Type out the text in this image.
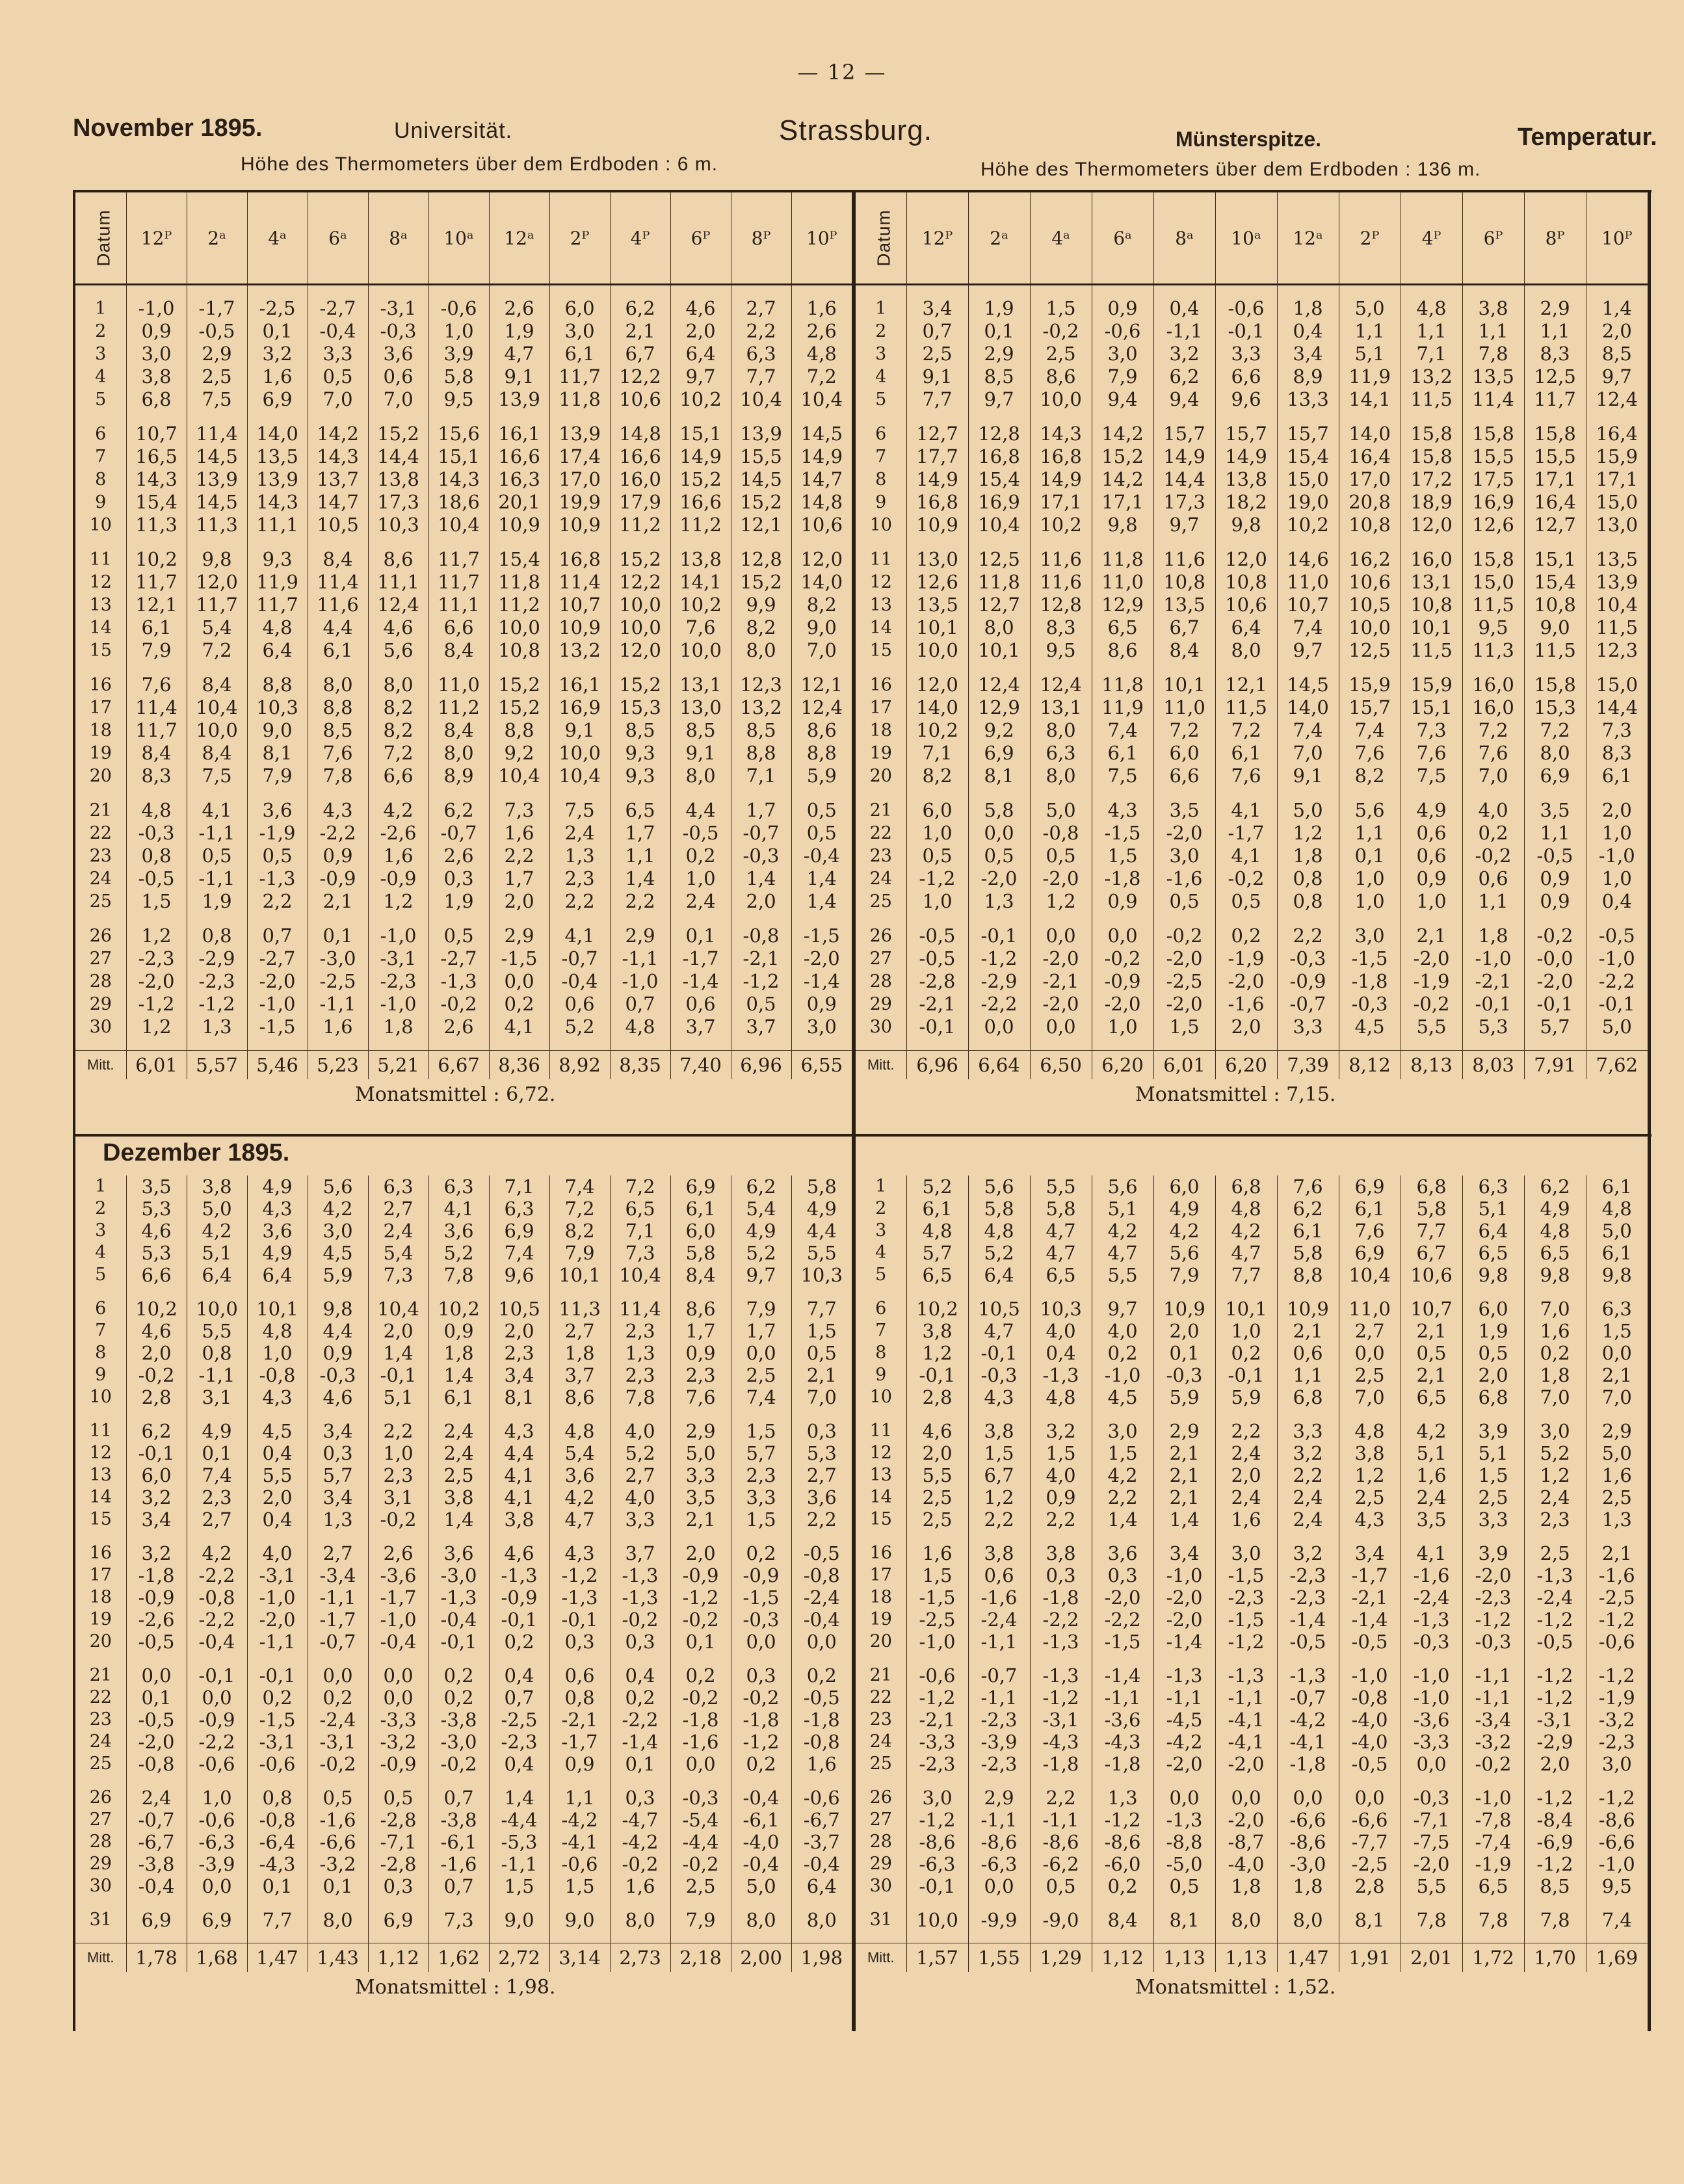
— 12 —
November 1895.	Universität.	Strassburg.	Münsterspitze.	Temperatur.
Höhe des Thermometers über dem Erdboden : 6 m.	Höhe des Thermometers über dem Erdboden : 136 m.
Dezember 1895.
Datum	12ᴾ	2ᵃ	4ᵃ	6ᵃ	8ᵃ	10ᵃ	12ᵃ	2ᴾ	4ᴾ	6ᴾ	8ᴾ	10ᴾ

1	-1,0	-1,7	-2,5	-2,7	-3,1	-0,6	2,6	6,0	6,2	4,6	2,7	1,6
2	0,9	-0,5	0,1	-0,4	-0,3	1,0	1,9	3,0	2,1	2,0	2,2	2,6
3	3,0	2,9	3,2	3,3	3,6	3,9	4,7	6,1	6,7	6,4	6,3	4,8
4	3,8	2,5	1,6	0,5	0,6	5,8	9,1	11,7	12,2	9,7	7,7	7,2
5	6,8	7,5	6,9	7,0	7,0	9,5	13,9	11,8	10,6	10,2	10,4	10,4

6	10,7	11,4	14,0	14,2	15,2	15,6	16,1	13,9	14,8	15,1	13,9	14,5
7	16,5	14,5	13,5	14,3	14,4	15,1	16,6	17,4	16,6	14,9	15,5	14,9
8	14,3	13,9	13,9	13,7	13,8	14,3	16,3	17,0	16,0	15,2	14,5	14,7
9	15,4	14,5	14,3	14,7	17,3	18,6	20,1	19,9	17,9	16,6	15,2	14,8
10	11,3	11,3	11,1	10,5	10,3	10,4	10,9	10,9	11,2	11,2	12,1	10,6

11	10,2	9,8	9,3	8,4	8,6	11,7	15,4	16,8	15,2	13,8	12,8	12,0
12	11,7	12,0	11,9	11,4	11,1	11,7	11,8	11,4	12,2	14,1	15,2	14,0
13	12,1	11,7	11,7	11,6	12,4	11,1	11,2	10,7	10,0	10,2	9,9	8,2
14	6,1	5,4	4,8	4,4	4,6	6,6	10,0	10,9	10,0	7,6	8,2	9,0
15	7,9	7,2	6,4	6,1	5,6	8,4	10,8	13,2	12,0	10,0	8,0	7,0

16	7,6	8,4	8,8	8,0	8,0	11,0	15,2	16,1	15,2	13,1	12,3	12,1
17	11,4	10,4	10,3	8,8	8,2	11,2	15,2	16,9	15,3	13,0	13,2	12,4
18	11,7	10,0	9,0	8,5	8,2	8,4	8,8	9,1	8,5	8,5	8,5	8,6
19	8,4	8,4	8,1	7,6	7,2	8,0	9,2	10,0	9,3	9,1	8,8	8,8
20	8,3	7,5	7,9	7,8	6,6	8,9	10,4	10,4	9,3	8,0	7,1	5,9

21	4,8	4,1	3,6	4,3	4,2	6,2	7,3	7,5	6,5	4,4	1,7	0,5
22	-0,3	-1,1	-1,9	-2,2	-2,6	-0,7	1,6	2,4	1,7	-0,5	-0,7	0,5
23	0,8	0,5	0,5	0,9	1,6	2,6	2,2	1,3	1,1	0,2	-0,3	-0,4
24	-0,5	-1,1	-1,3	-0,9	-0,9	0,3	1,7	2,3	1,4	1,0	1,4	1,4
25	1,5	1,9	2,2	2,1	1,2	1,9	2,0	2,2	2,2	2,4	2,0	1,4

26	1,2	0,8	0,7	0,1	-1,0	0,5	2,9	4,1	2,9	0,1	-0,8	-1,5
27	-2,3	-2,9	-2,7	-3,0	-3,1	-2,7	-1,5	-0,7	-1,1	-1,7	-2,1	-2,0
28	-2,0	-2,3	-2,0	-2,5	-2,3	-1,3	0,0	-0,4	-1,0	-1,4	-1,2	-1,4
29	-1,2	-1,2	-1,0	-1,1	-1,0	-0,2	0,2	0,6	0,7	0,6	0,5	0,9
30	1,2	1,3	-1,5	1,6	1,8	2,6	4,1	5,2	4,8	3,7	3,7	3,0

Mitt.	6,01	5,57	5,46	5,23	5,21	6,67	8,36	8,92	8,35	7,40	6,96	6,55
Monatsmittel : 6,72.												
Datum	12ᴾ	2ᵃ	4ᵃ	6ᵃ	8ᵃ	10ᵃ	12ᵃ	2ᴾ	4ᴾ	6ᴾ	8ᴾ	10ᴾ

1	3,4	1,9	1,5	0,9	0,4	-0,6	1,8	5,0	4,8	3,8	2,9	1,4
2	0,7	0,1	-0,2	-0,6	-1,1	-0,1	0,4	1,1	1,1	1,1	1,1	2,0
3	2,5	2,9	2,5	3,0	3,2	3,3	3,4	5,1	7,1	7,8	8,3	8,5
4	9,1	8,5	8,6	7,9	6,2	6,6	8,9	11,9	13,2	13,5	12,5	9,7
5	7,7	9,7	10,0	9,4	9,4	9,6	13,3	14,1	11,5	11,4	11,7	12,4

6	12,7	12,8	14,3	14,2	15,7	15,7	15,7	14,0	15,8	15,8	15,8	16,4
7	17,7	16,8	16,8	15,2	14,9	14,9	15,4	16,4	15,8	15,5	15,5	15,9
8	14,9	15,4	14,9	14,2	14,4	13,8	15,0	17,0	17,2	17,5	17,1	17,1
9	16,8	16,9	17,1	17,1	17,3	18,2	19,0	20,8	18,9	16,9	16,4	15,0
10	10,9	10,4	10,2	9,8	9,7	9,8	10,2	10,8	12,0	12,6	12,7	13,0

11	13,0	12,5	11,6	11,8	11,6	12,0	14,6	16,2	16,0	15,8	15,1	13,5
12	12,6	11,8	11,6	11,0	10,8	10,8	11,0	10,6	13,1	15,0	15,4	13,9
13	13,5	12,7	12,8	12,9	13,5	10,6	10,7	10,5	10,8	11,5	10,8	10,4
14	10,1	8,0	8,3	6,5	6,7	6,4	7,4	10,0	10,1	9,5	9,0	11,5
15	10,0	10,1	9,5	8,6	8,4	8,0	9,7	12,5	11,5	11,3	11,5	12,3

16	12,0	12,4	12,4	11,8	10,1	12,1	14,5	15,9	15,9	16,0	15,8	15,0
17	14,0	12,9	13,1	11,9	11,0	11,5	14,0	15,7	15,1	16,0	15,3	14,4
18	10,2	9,2	8,0	7,4	7,2	7,2	7,4	7,4	7,3	7,2	7,2	7,3
19	7,1	6,9	6,3	6,1	6,0	6,1	7,0	7,6	7,6	7,6	8,0	8,3
20	8,2	8,1	8,0	7,5	6,6	7,6	9,1	8,2	7,5	7,0	6,9	6,1

21	6,0	5,8	5,0	4,3	3,5	4,1	5,0	5,6	4,9	4,0	3,5	2,0
22	1,0	0,0	-0,8	-1,5	-2,0	-1,7	1,2	1,1	0,6	0,2	1,1	1,0
23	0,5	0,5	0,5	1,5	3,0	4,1	1,8	0,1	0,6	-0,2	-0,5	-1,0
24	-1,2	-2,0	-2,0	-1,8	-1,6	-0,2	0,8	1,0	0,9	0,6	0,9	1,0
25	1,0	1,3	1,2	0,9	0,5	0,5	0,8	1,0	1,0	1,1	0,9	0,4

26	-0,5	-0,1	0,0	0,0	-0,2	0,2	2,2	3,0	2,1	1,8	-0,2	-0,5
27	-0,5	-1,2	-2,0	-0,2	-2,0	-1,9	-0,3	-1,5	-2,0	-1,0	-0,0	-1,0
28	-2,8	-2,9	-2,1	-0,9	-2,5	-2,0	-0,9	-1,8	-1,9	-2,1	-2,0	-2,2
29	-2,1	-2,2	-2,0	-2,0	-2,0	-1,6	-0,7	-0,3	-0,2	-0,1	-0,1	-0,1
30	-0,1	0,0	0,0	1,0	1,5	2,0	3,3	4,5	5,5	5,3	5,7	5,0

Mitt.	6,96	6,64	6,50	6,20	6,01	6,20	7,39	8,12	8,13	8,03	7,91	7,62
Monatsmittel : 7,15.												
1	3,5	3,8	4,9	5,6	6,3	6,3	7,1	7,4	7,2	6,9	6,2	5,8
2	5,3	5,0	4,3	4,2	2,7	4,1	6,3	7,2	6,5	6,1	5,4	4,9
3	4,6	4,2	3,6	3,0	2,4	3,6	6,9	8,2	7,1	6,0	4,9	4,4
4	5,3	5,1	4,9	4,5	5,4	5,2	7,4	7,9	7,3	5,8	5,2	5,5
5	6,6	6,4	6,4	5,9	7,3	7,8	9,6	10,1	10,4	8,4	9,7	10,3

6	10,2	10,0	10,1	9,8	10,4	10,2	10,5	11,3	11,4	8,6	7,9	7,7
7	4,6	5,5	4,8	4,4	2,0	0,9	2,0	2,7	2,3	1,7	1,7	1,5
8	2,0	0,8	1,0	0,9	1,4	1,8	2,3	1,8	1,3	0,9	0,0	0,5
9	-0,2	-1,1	-0,8	-0,3	-0,1	1,4	3,4	3,7	2,3	2,3	2,5	2,1
10	2,8	3,1	4,3	4,6	5,1	6,1	8,1	8,6	7,8	7,6	7,4	7,0

11	6,2	4,9	4,5	3,4	2,2	2,4	4,3	4,8	4,0	2,9	1,5	0,3
12	-0,1	0,1	0,4	0,3	1,0	2,4	4,4	5,4	5,2	5,0	5,7	5,3
13	6,0	7,4	5,5	5,7	2,3	2,5	4,1	3,6	2,7	3,3	2,3	2,7
14	3,2	2,3	2,0	3,4	3,1	3,8	4,1	4,2	4,0	3,5	3,3	3,6
15	3,4	2,7	0,4	1,3	-0,2	1,4	3,8	4,7	3,3	2,1	1,5	2,2

16	3,2	4,2	4,0	2,7	2,6	3,6	4,6	4,3	3,7	2,0	0,2	-0,5
17	-1,8	-2,2	-3,1	-3,4	-3,6	-3,0	-1,3	-1,2	-1,3	-0,9	-0,9	-0,8
18	-0,9	-0,8	-1,0	-1,1	-1,7	-1,3	-0,9	-1,3	-1,3	-1,2	-1,5	-2,4
19	-2,6	-2,2	-2,0	-1,7	-1,0	-0,4	-0,1	-0,1	-0,2	-0,2	-0,3	-0,4
20	-0,5	-0,4	-1,1	-0,7	-0,4	-0,1	0,2	0,3	0,3	0,1	0,0	0,0

21	0,0	-0,1	-0,1	0,0	0,0	0,2	0,4	0,6	0,4	0,2	0,3	0,2
22	0,1	0,0	0,2	0,2	0,0	0,2	0,7	0,8	0,2	-0,2	-0,2	-0,5
23	-0,5	-0,9	-1,5	-2,4	-3,3	-3,8	-2,5	-2,1	-2,2	-1,8	-1,8	-1,8
24	-2,0	-2,2	-3,1	-3,1	-3,2	-3,0	-2,3	-1,7	-1,4	-1,6	-1,2	-0,8
25	-0,8	-0,6	-0,6	-0,2	-0,9	-0,2	0,4	0,9	0,1	0,0	0,2	1,6

26	2,4	1,0	0,8	0,5	0,5	0,7	1,4	1,1	0,3	-0,3	-0,4	-0,6
27	-0,7	-0,6	-0,8	-1,6	-2,8	-3,8	-4,4	-4,2	-4,7	-5,4	-6,1	-6,7
28	-6,7	-6,3	-6,4	-6,6	-7,1	-6,1	-5,3	-4,1	-4,2	-4,4	-4,0	-3,7
29	-3,8	-3,9	-4,3	-3,2	-2,8	-1,6	-1,1	-0,6	-0,2	-0,2	-0,4	-0,4
30	-0,4	0,0	0,1	0,1	0,3	0,7	1,5	1,5	1,6	2,5	5,0	6,4

31	6,9	6,9	7,7	8,0	6,9	7,3	9,0	9,0	8,0	7,9	8,0	8,0

Mitt.	1,78	1,68	1,47	1,43	1,12	1,62	2,72	3,14	2,73	2,18	2,00	1,98
Monatsmittel : 1,98.												
1	5,2	5,6	5,5	5,6	6,0	6,8	7,6	6,9	6,8	6,3	6,2	6,1
2	6,1	5,8	5,8	5,1	4,9	4,8	6,2	6,1	5,8	5,1	4,9	4,8
3	4,8	4,8	4,7	4,2	4,2	4,2	6,1	7,6	7,7	6,4	4,8	5,0
4	5,7	5,2	4,7	4,7	5,6	4,7	5,8	6,9	6,7	6,5	6,5	6,1
5	6,5	6,4	6,5	5,5	7,9	7,7	8,8	10,4	10,6	9,8	9,8	9,8

6	10,2	10,5	10,3	9,7	10,9	10,1	10,9	11,0	10,7	6,0	7,0	6,3
7	3,8	4,7	4,0	4,0	2,0	1,0	2,1	2,7	2,1	1,9	1,6	1,5
8	1,2	-0,1	0,4	0,2	0,1	0,2	0,6	0,0	0,5	0,5	0,2	0,0
9	-0,1	-0,3	-1,3	-1,0	-0,3	-0,1	1,1	2,5	2,1	2,0	1,8	2,1
10	2,8	4,3	4,8	4,5	5,9	5,9	6,8	7,0	6,5	6,8	7,0	7,0

11	4,6	3,8	3,2	3,0	2,9	2,2	3,3	4,8	4,2	3,9	3,0	2,9
12	2,0	1,5	1,5	1,5	2,1	2,4	3,2	3,8	5,1	5,1	5,2	5,0
13	5,5	6,7	4,0	4,2	2,1	2,0	2,2	1,2	1,6	1,5	1,2	1,6
14	2,5	1,2	0,9	2,2	2,1	2,4	2,4	2,5	2,4	2,5	2,4	2,5
15	2,5	2,2	2,2	1,4	1,4	1,6	2,4	4,3	3,5	3,3	2,3	1,3

16	1,6	3,8	3,8	3,6	3,4	3,0	3,2	3,4	4,1	3,9	2,5	2,1
17	1,5	0,6	0,3	0,3	-1,0	-1,5	-2,3	-1,7	-1,6	-2,0	-1,3	-1,6
18	-1,5	-1,6	-1,8	-2,0	-2,0	-2,3	-2,3	-2,1	-2,4	-2,3	-2,4	-2,5
19	-2,5	-2,4	-2,2	-2,2	-2,0	-1,5	-1,4	-1,4	-1,3	-1,2	-1,2	-1,2
20	-1,0	-1,1	-1,3	-1,5	-1,4	-1,2	-0,5	-0,5	-0,3	-0,3	-0,5	-0,6

21	-0,6	-0,7	-1,3	-1,4	-1,3	-1,3	-1,3	-1,0	-1,0	-1,1	-1,2	-1,2
22	-1,2	-1,1	-1,2	-1,1	-1,1	-1,1	-0,7	-0,8	-1,0	-1,1	-1,2	-1,9
23	-2,1	-2,3	-3,1	-3,6	-4,5	-4,1	-4,2	-4,0	-3,6	-3,4	-3,1	-3,2
24	-3,3	-3,9	-4,3	-4,3	-4,2	-4,1	-4,1	-4,0	-3,3	-3,2	-2,9	-2,3
25	-2,3	-2,3	-1,8	-1,8	-2,0	-2,0	-1,8	-0,5	0,0	-0,2	2,0	3,0

26	3,0	2,9	2,2	1,3	0,0	0,0	0,0	0,0	-0,3	-1,0	-1,2	-1,2
27	-1,2	-1,1	-1,1	-1,2	-1,3	-2,0	-6,6	-6,6	-7,1	-7,8	-8,4	-8,6
28	-8,6	-8,6	-8,6	-8,6	-8,8	-8,7	-8,6	-7,7	-7,5	-7,4	-6,9	-6,6
29	-6,3	-6,3	-6,2	-6,0	-5,0	-4,0	-3,0	-2,5	-2,0	-1,9	-1,2	-1,0
30	-0,1	0,0	0,5	0,2	0,5	1,8	1,8	2,8	5,5	6,5	8,5	9,5

31	10,0	-9,9	-9,0	8,4	8,1	8,0	8,0	8,1	7,8	7,8	7,8	7,4

Mitt.	1,57	1,55	1,29	1,12	1,13	1,13	1,47	1,91	2,01	1,72	1,70	1,69
Monatsmittel : 1,52.												
